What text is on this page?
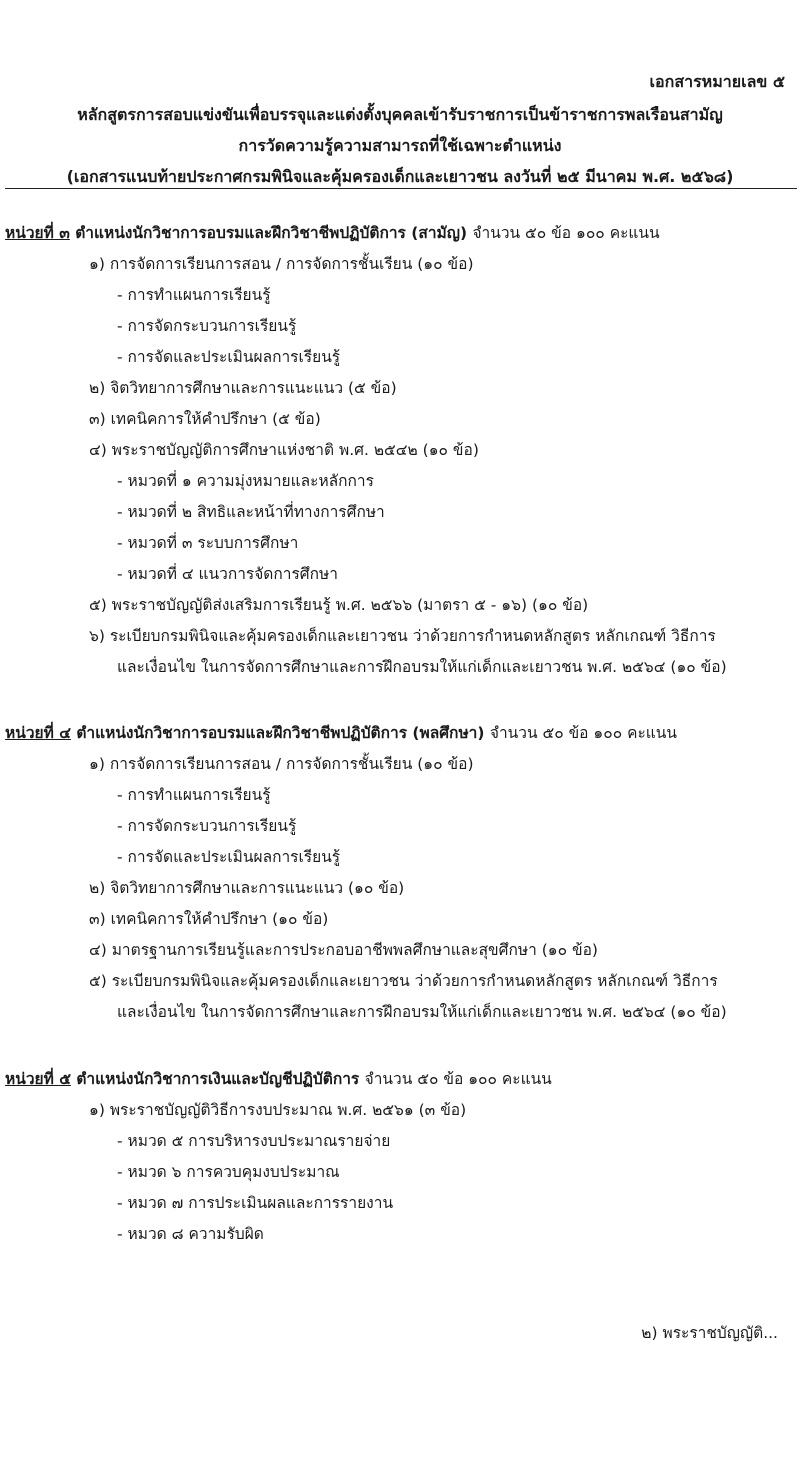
เอกสารหมายเลข ๕
หลักสูตรการสอบแข่งขันเพื่อบรรจุและแต่งตั้งบุคคลเข้ารับราชการเป็นข้าราชการพลเรือนสามัญ
การวัดความรู้ความสามารถที่ใช้เฉพาะตำแหน่ง
(เอกสารแนบท้ายประกาศกรมพินิจและคุ้มครองเด็กและเยาวชน ลงวันที่ ๒๕ มีนาคม พ.ศ. ๒๕๖๘)
หน่วยที่ ๓ ตำแหน่งนักวิชาการอบรมและฝึกวิชาชีพปฏิบัติการ (สามัญ) จำนวน ๕๐ ข้อ ๑๐๐ คะแนน
๑) การจัดการเรียนการสอน / การจัดการชั้นเรียน (๑๐ ข้อ)
- การทำแผนการเรียนรู้
- การจัดกระบวนการเรียนรู้
- การจัดและประเมินผลการเรียนรู้
๒) จิตวิทยาการศึกษาและการแนะแนว (๕ ข้อ)
๓) เทคนิคการให้คำปรึกษา (๕ ข้อ)
๔) พระราชบัญญัติการศึกษาแห่งชาติ พ.ศ. ๒๕๔๒ (๑๐ ข้อ)
- หมวดที่ ๑ ความมุ่งหมายและหลักการ
- หมวดที่ ๒ สิทธิและหน้าที่ทางการศึกษา
- หมวดที่ ๓ ระบบการศึกษา
- หมวดที่ ๔ แนวการจัดการศึกษา
๕) พระราชบัญญัติส่งเสริมการเรียนรู้ พ.ศ. ๒๕๖๖ (มาตรา ๕ - ๑๖) (๑๐ ข้อ)
๖) ระเบียบกรมพินิจและคุ้มครองเด็กและเยาวชน ว่าด้วยการกำหนดหลักสูตร หลักเกณฑ์ วิธีการ
และเงื่อนไข ในการจัดการศึกษาและการฝึกอบรมให้แก่เด็กและเยาวชน พ.ศ. ๒๕๖๔ (๑๐ ข้อ)
หน่วยที่ ๔ ตำแหน่งนักวิชาการอบรมและฝึกวิชาชีพปฏิบัติการ (พลศึกษา) จำนวน ๕๐ ข้อ ๑๐๐ คะแนน
๑) การจัดการเรียนการสอน / การจัดการชั้นเรียน (๑๐ ข้อ)
- การทำแผนการเรียนรู้
- การจัดกระบวนการเรียนรู้
- การจัดและประเมินผลการเรียนรู้
๒) จิตวิทยาการศึกษาและการแนะแนว (๑๐ ข้อ)
๓) เทคนิคการให้คำปรึกษา (๑๐ ข้อ)
๔) มาตรฐานการเรียนรู้และการประกอบอาชีพพลศึกษาและสุขศึกษา (๑๐ ข้อ)
๕) ระเบียบกรมพินิจและคุ้มครองเด็กและเยาวชน ว่าด้วยการกำหนดหลักสูตร หลักเกณฑ์ วิธีการ
และเงื่อนไข ในการจัดการศึกษาและการฝึกอบรมให้แก่เด็กและเยาวชน พ.ศ. ๒๕๖๔ (๑๐ ข้อ)
หน่วยที่ ๕ ตำแหน่งนักวิชาการเงินและบัญชีปฏิบัติการ จำนวน ๕๐ ข้อ ๑๐๐ คะแนน
๑) พระราชบัญญัติวิธีการงบประมาณ พ.ศ. ๒๕๖๑ (๓ ข้อ)
- หมวด ๕ การบริหารงบประมาณรายจ่าย
- หมวด ๖ การควบคุมงบประมาณ
- หมวด ๗ การประเมินผลและการรายงาน
- หมวด ๘ ความรับผิด
๒) พระราชบัญญัติ...
